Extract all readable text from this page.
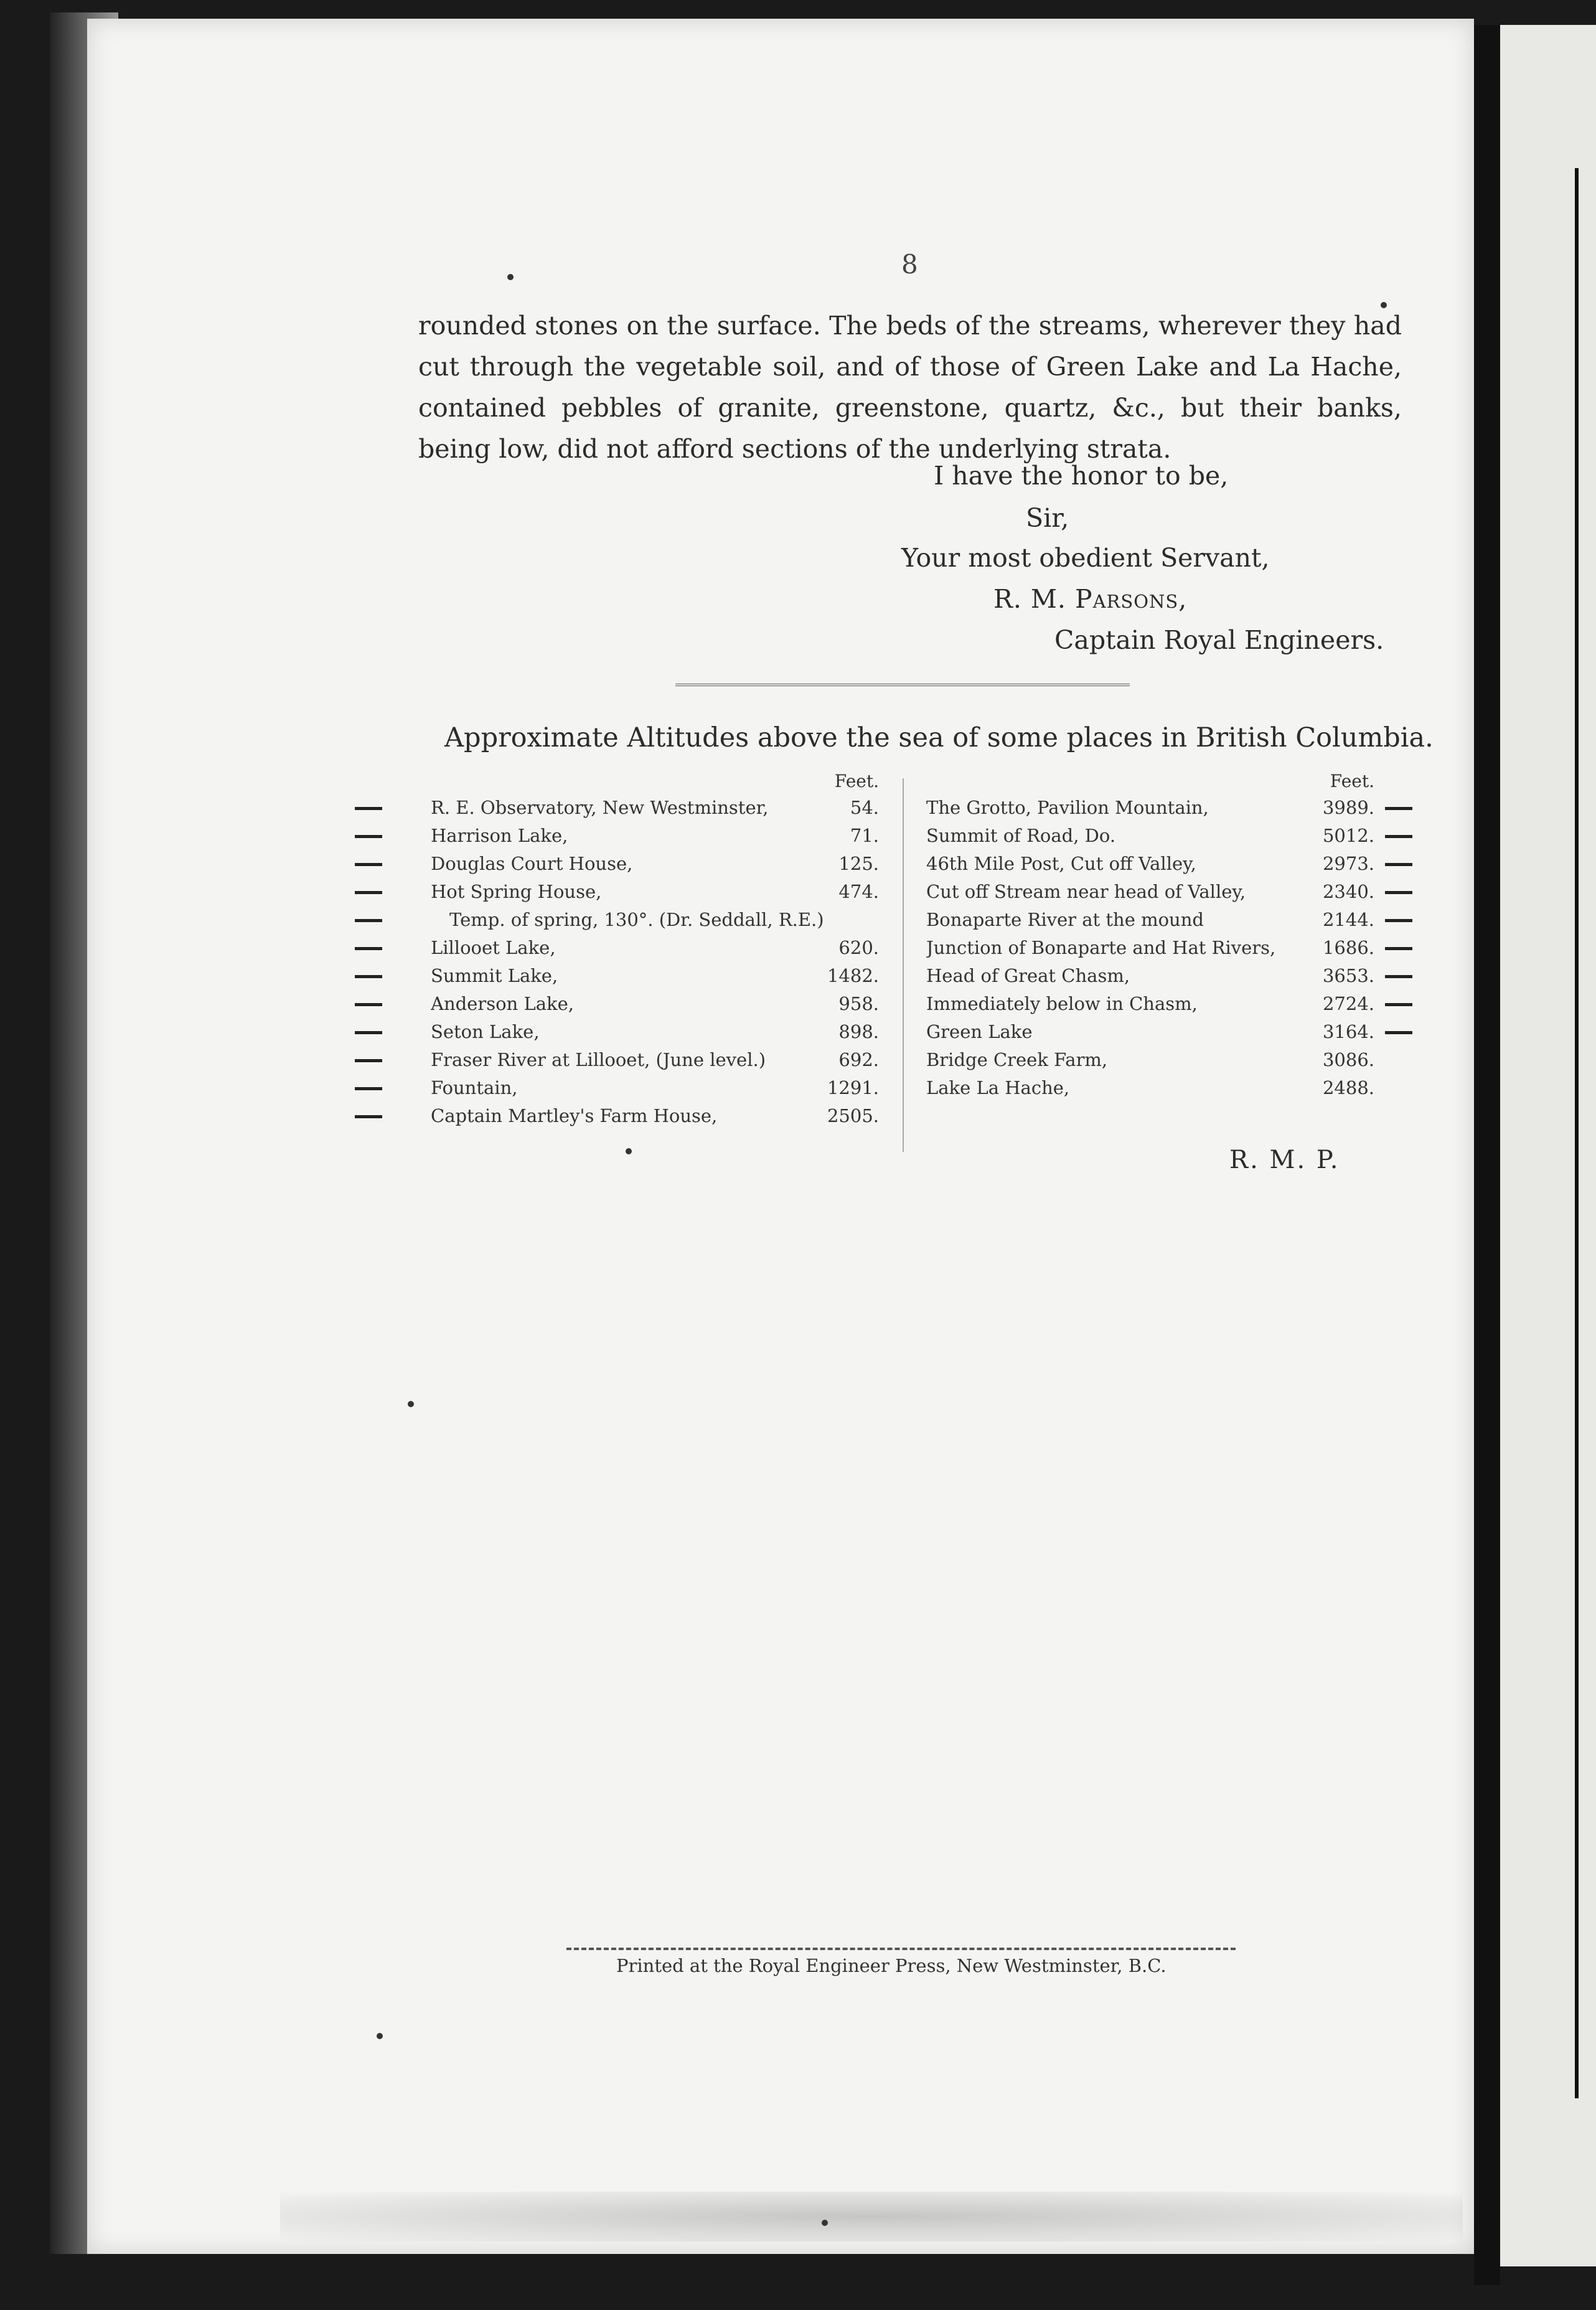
8
rounded stones on the surface. The beds of the streams, wherever they had cut through the vegetable soil, and of those of Green Lake and La Hache, contained pebbles of granite, greenstone, quartz, &c., but their banks, being low, did not afford sections of the underlying strata.
I have the honor to be,
Sir,
Your most obedient Servant,
R. M. Parsons,
Captain Royal Engineers.
Approximate Altitudes above the sea of some places in British Columbia.
Feet.
R. E. Observatory, New Westminster,	54.
Harrison Lake,	71.
Douglas Court House,	125.
Hot Spring House,	474.
Temp. of spring, 130°. (Dr. Seddall, R.E.)
Lillooet Lake,	620.
Summit Lake,	1482.
Anderson Lake,	958.
Seton Lake,	898.
Fraser River at Lillooet, (June level.)	692.
Fountain,	1291.
Captain Martley's Farm House,	2505.
Feet.
The Grotto, Pavilion Mountain,	3989.
Summit of Road, Do.	5012.
46th Mile Post, Cut off Valley,	2973.
Cut off Stream near head of Valley,	2340.
Bonaparte River at the mound	2144.
Junction of Bonaparte and Hat Rivers,	1686.
Head of Great Chasm,	3653.
Immediately below in Chasm,	2724.
Green Lake	3164.
Bridge Creek Farm,	3086.
Lake La Hache,	2488.
R. M. P.
Printed at the Royal Engineer Press, New Westminster, B.C.
